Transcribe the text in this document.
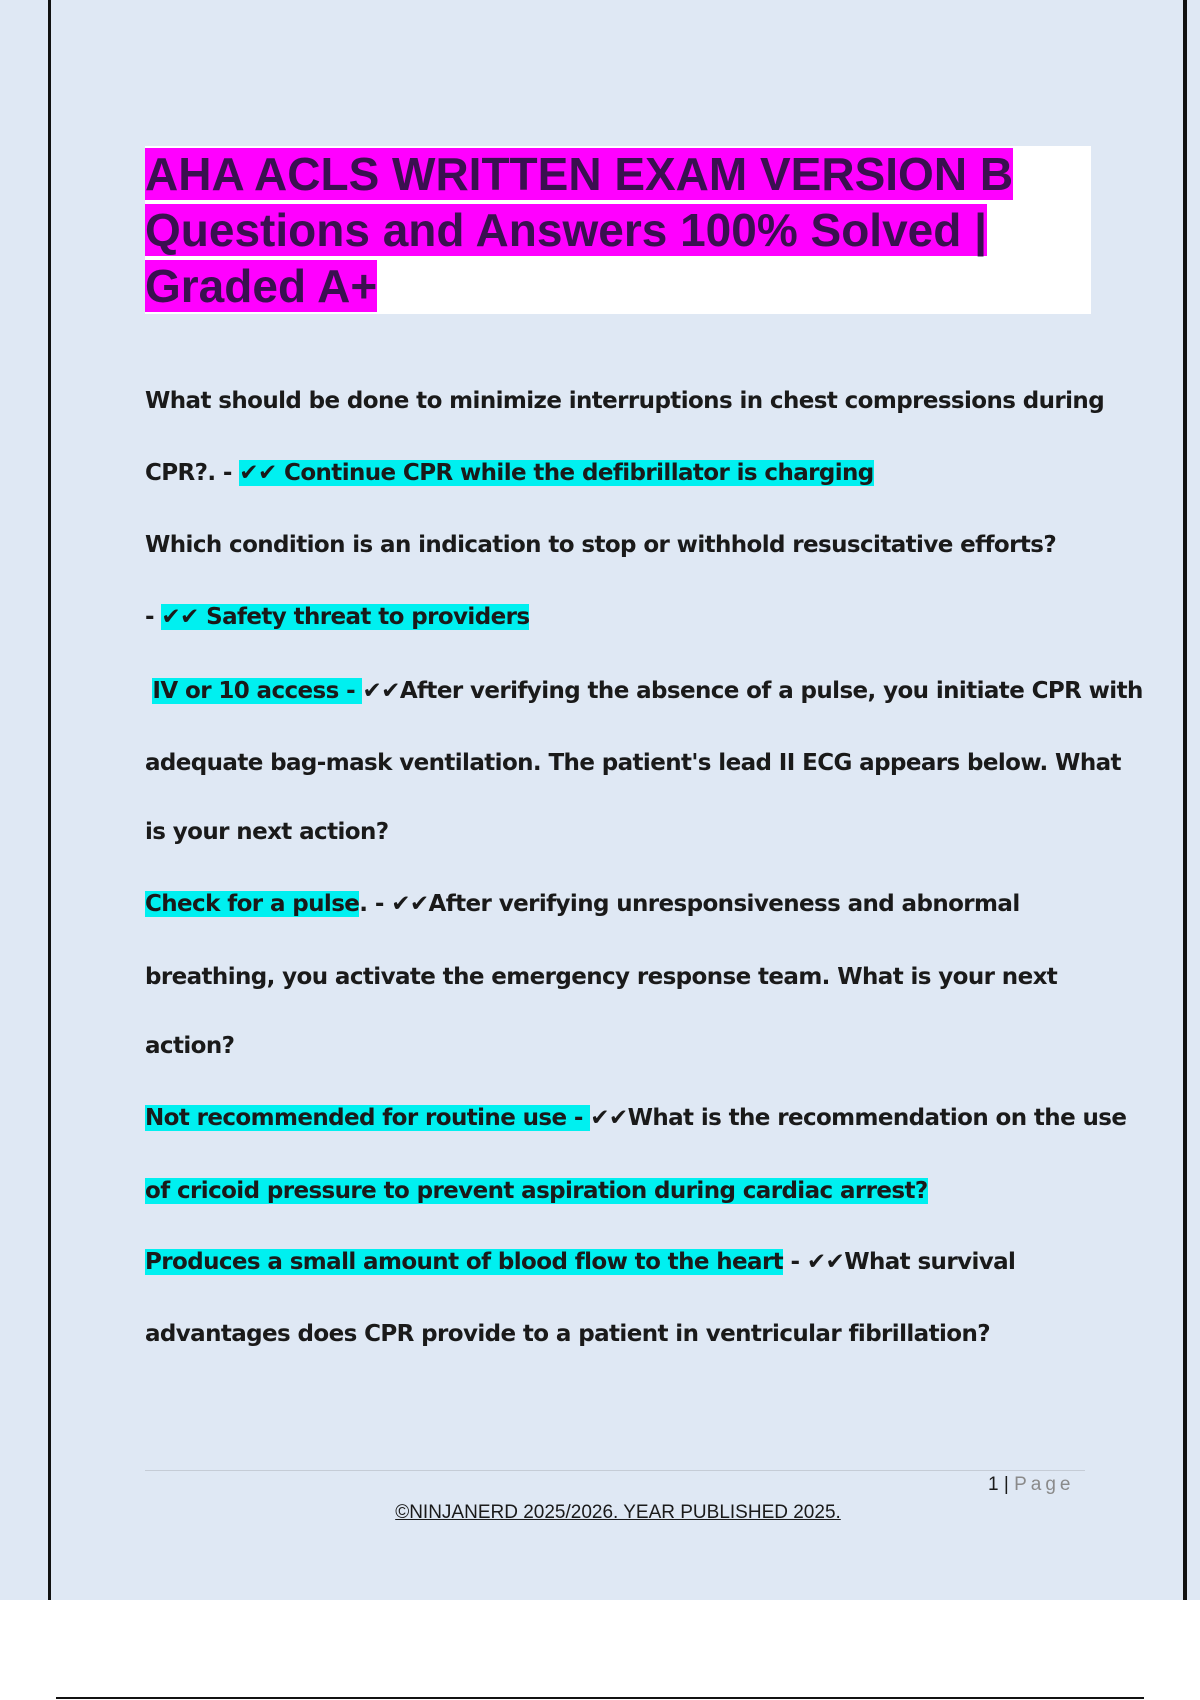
AHA ACLS WRITTEN EXAM VERSION B
Questions and Answers 100% Solved |
Graded A+
What should be done to minimize interruptions in chest compressions during
CPR?. - ✔✔ Continue CPR while the defibrillator is charging
Which condition is an indication to stop or withhold resuscitative efforts?
- ✔✔ Safety threat to providers
IV or 10 access - ✔✔After verifying the absence of a pulse, you initiate CPR with
adequate bag-mask ventilation. The patient's lead II ECG appears below. What
is your next action?
Check for a pulse. - ✔✔After verifying unresponsiveness and abnormal
breathing, you activate the emergency response team. What is your next
action?
Not recommended for routine use - ✔✔What is the recommendation on the use
of cricoid pressure to prevent aspiration during cardiac arrest?
Produces a small amount of blood flow to the heart - ✔✔What survival
advantages does CPR provide to a patient in ventricular fibrillation?
1 | Page
©NINJANERD 2025/2026. YEAR PUBLISHED 2025.
